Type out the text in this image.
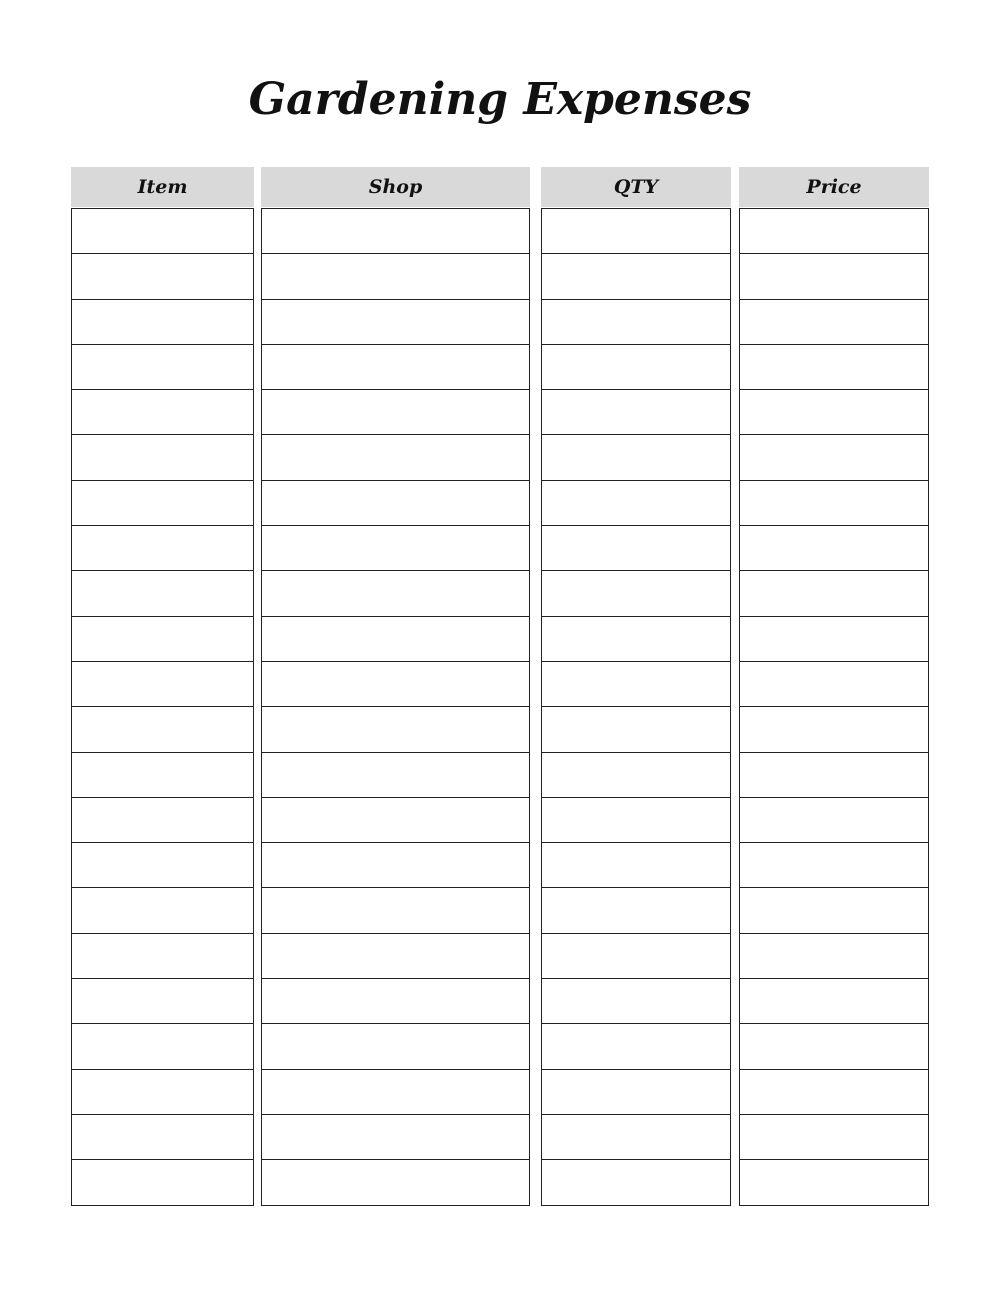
Gardening Expenses
Item	Shop	QTY	Price
